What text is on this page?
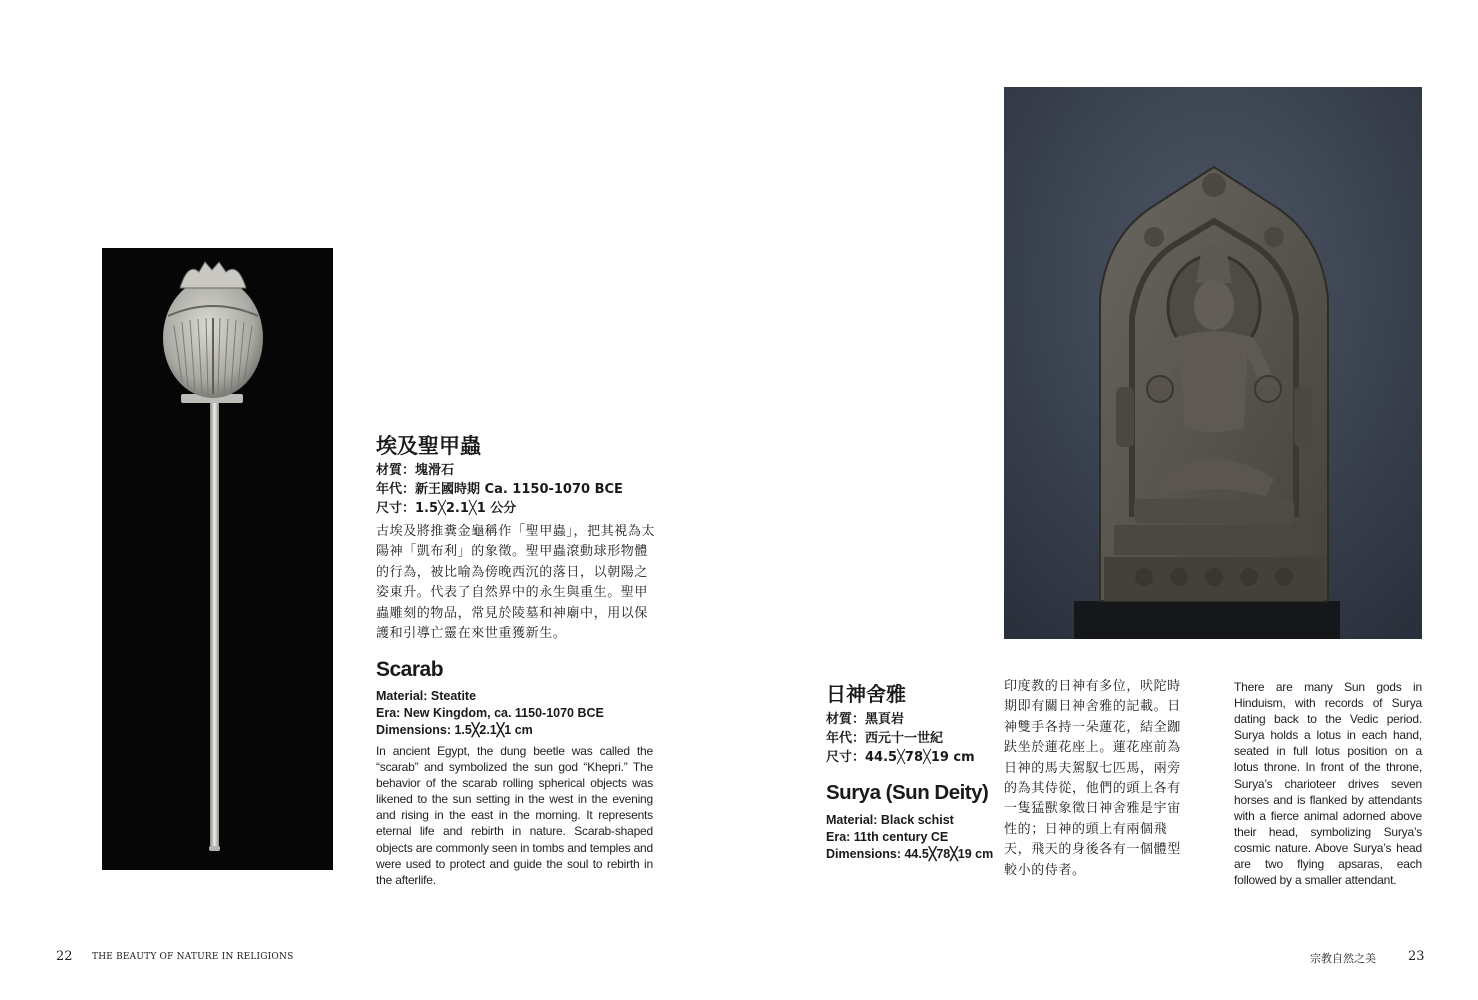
埃及聖甲蟲
材質：塊滑石
年代：新王國時期 Ca. 1150-1070 BCE
尺寸：1.5╳2.1╳1 公分
古埃及將推糞金龜稱作「聖甲蟲」，把其視為太陽神「凱布利」的象徵。聖甲蟲滾動球形物體的行為，被比喻為傍晚西沉的落日，以朝陽之姿東升。代表了自然界中的永生與重生。聖甲蟲雕刻的物品，常見於陵墓和神廟中，用以保護和引導亡靈在來世重獲新生。
Scarab
Material: Steatite
Era: New Kingdom, ca. 1150-1070 BCE
Dimensions: 1.5╳2.1╳1 cm
In ancient Egypt, the dung beetle was called the “scarab” and symbolized the sun god “Khepri.” The behavior of the scarab rolling spherical objects was likened to the sun setting in the west in the evening and rising in the east in the morning. It represents eternal life and rebirth in nature. Scarab-shaped objects are commonly seen in tombs and temples and were used to protect and guide the soul to rebirth in the afterlife.
日神舍雅
材質：黑頁岩
年代：西元十一世紀
尺寸：44.5╳78╳19 cm
Surya (Sun Deity)
Material: Black schist
Era: 11th century CE
Dimensions: 44.5╳78╳19 cm
印度教的日神有多位，吠陀時期即有關日神舍雅的記載。日神雙手各持一朵蓮花，結全跏趺坐於蓮花座上。蓮花座前為日神的馬夫駕馭七匹馬，兩旁的為其侍從，他們的頭上各有一隻猛獸象徵日神舍雅是宇宙性的；日神的頭上有兩個飛天，飛天的身後各有一個體型較小的侍者。
There are many Sun gods in Hinduism, with records of Surya dating back to the Vedic period. Surya holds a lotus in each hand, seated in full lotus position on a lotus throne. In front of the throne, Surya’s charioteer drives seven horses and is flanked by attendants with a fierce animal adorned above their head, symbolizing Surya’s cosmic nature. Above Surya’s head are two flying apsaras, each followed by a smaller attendant.
22 THE BEAUTY OF NATURE IN RELIGIONS	宗教自然之美 23
